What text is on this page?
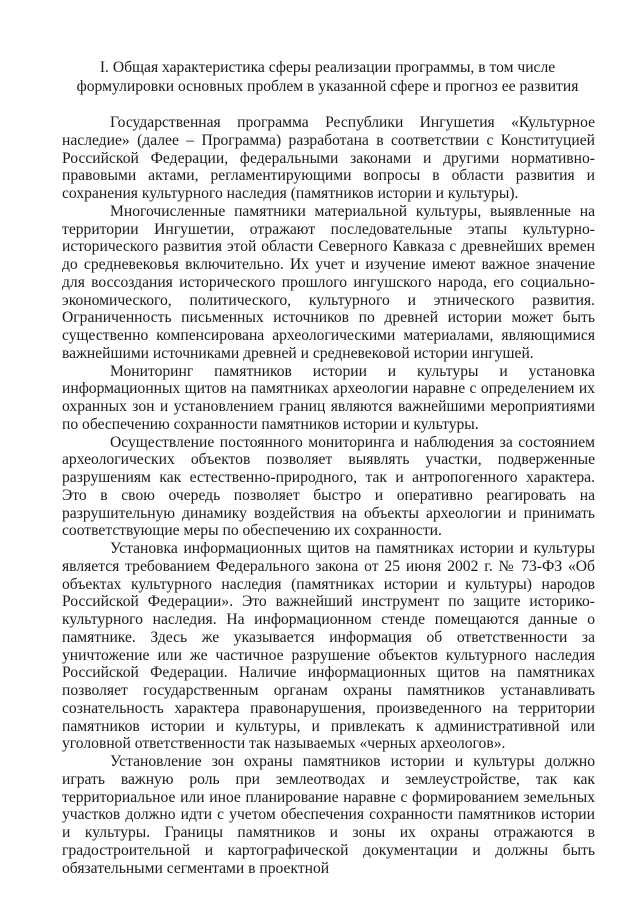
I. Общая характеристика сферы реализации программы, в том числе
формулировки основных проблем в указанной сфере и прогноз ее развития

Государственная программа Республики Ингушетия «Культурное наследие» (далее – Программа) разработана в соответствии с Конституцией Российской Федерации, федеральными законами и другими нормативно-правовыми актами, регламентирующими вопросы в области развития и сохранения культурного наследия (памятников истории и культуры).

Многочисленные памятники материальной культуры, выявленные на территории Ингушетии, отражают последовательные этапы культурно-исторического развития этой области Северного Кавказа с древнейших времен до средневековья включительно. Их учет и изучение имеют важное значение для воссоздания исторического прошлого ингушского народа, его социально-экономического, политического, культурного и этнического развития. Ограниченность письменных источников по древней истории может быть существенно компенсирована археологическими материалами, являющимися важнейшими источниками древней и средневековой истории ингушей.

Мониторинг памятников истории и культуры и установка информационных щитов на памятниках археологии наравне с определением их охранных зон и установлением границ являются важнейшими мероприятиями по обеспечению сохранности памятников истории и культуры.

Осуществление постоянного мониторинга и наблюдения за состоянием археологических объектов позволяет выявлять участки, подверженные разрушениям как естественно-природного, так и антропогенного характера. Это в свою очередь позволяет быстро и оперативно реагировать на разрушительную динамику воздействия на объекты археологии и принимать соответствующие меры по обеспечению их сохранности.

Установка информационных щитов на памятниках истории и культуры является требованием Федерального закона от 25 июня 2002 г. № 73-ФЗ «Об объектах культурного наследия (памятниках истории и культуры) народов Российской Федерации». Это важнейший инструмент по защите историко-культурного наследия. На информационном стенде помещаются данные о памятнике. Здесь же указывается информация об ответственности за уничтожение или же частичное разрушение объектов культурного наследия Российской Федерации. Наличие информационных щитов на памятниках позволяет государственным органам охраны памятников устанавливать сознательность характера правонарушения, произведенного на территории памятников истории и культуры, и привлекать к административной или уголовной ответственности так называемых «черных археологов».

Установление зон охраны памятников истории и культуры должно играть важную роль при землеотводах и землеустройстве, так как территориальное или иное планирование наравне с формированием земельных участков должно идти с учетом обеспечения сохранности памятников истории и культуры. Границы памятников и зоны их охраны отражаются в градостроительной и картографической документации и должны быть обязательными сегментами в проектной
